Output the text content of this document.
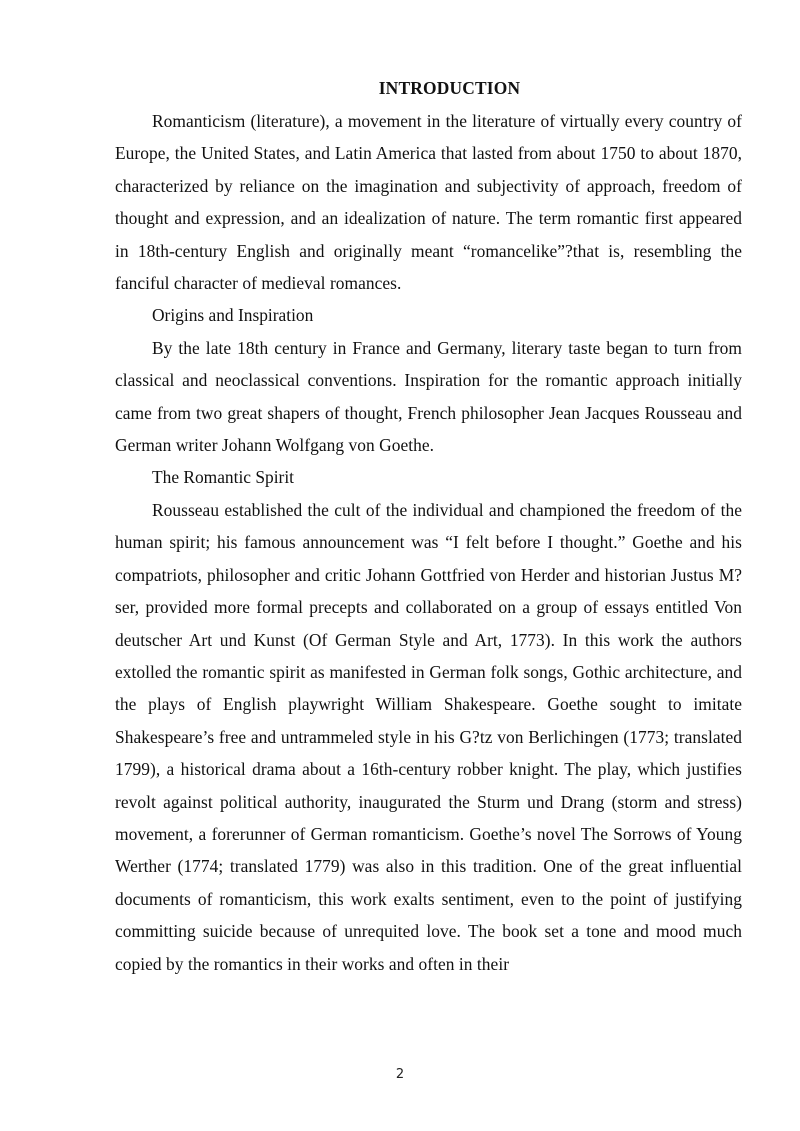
INTRODUCTION

Romanticism (literature), a movement in the literature of virtually every country of Europe, the United States, and Latin America that lasted from about 1750 to about 1870, characterized by reliance on the imagination and subjectivity of approach, freedom of thought and expression, and an idealization of nature. The term romantic first appeared in 18th-century English and originally meant “romancelike”?that is, resembling the fanciful character of medieval romances.

Origins and Inspiration

By the late 18th century in France and Germany, literary taste began to turn from classical and neoclassical conventions. Inspiration for the romantic approach initially came from two great shapers of thought, French philosopher Jean Jacques Rousseau and German writer Johann Wolfgang von Goethe.

The Romantic Spirit

Rousseau established the cult of the individual and championed the freedom of the human spirit; his famous announcement was “I felt before I thought.” Goethe and his compatriots, philosopher and critic Johann Gottfried von Herder and historian Justus M?ser, provided more formal precepts and collaborated on a group of essays entitled Von deutscher Art und Kunst (Of German Style and Art, 1773). In this work the authors extolled the romantic spirit as manifested in German folk songs, Gothic architecture, and the plays of English playwright William Shakespeare. Goethe sought to imitate Shakespeare’s free and untrammeled style in his G?tz von Berlichingen (1773; translated 1799), a historical drama about a 16th-century robber knight. The play, which justifies revolt against political authority, inaugurated the Sturm und Drang (storm and stress) movement, a forerunner of German romanticism. Goethe’s novel The Sorrows of Young Werther (1774; translated 1779) was also in this tradition. One of the great influential documents of romanticism, this work exalts sentiment, even to the point of justifying committing suicide because of unrequited love. The book set a tone and mood much copied by the romantics in their works and often in their

2
